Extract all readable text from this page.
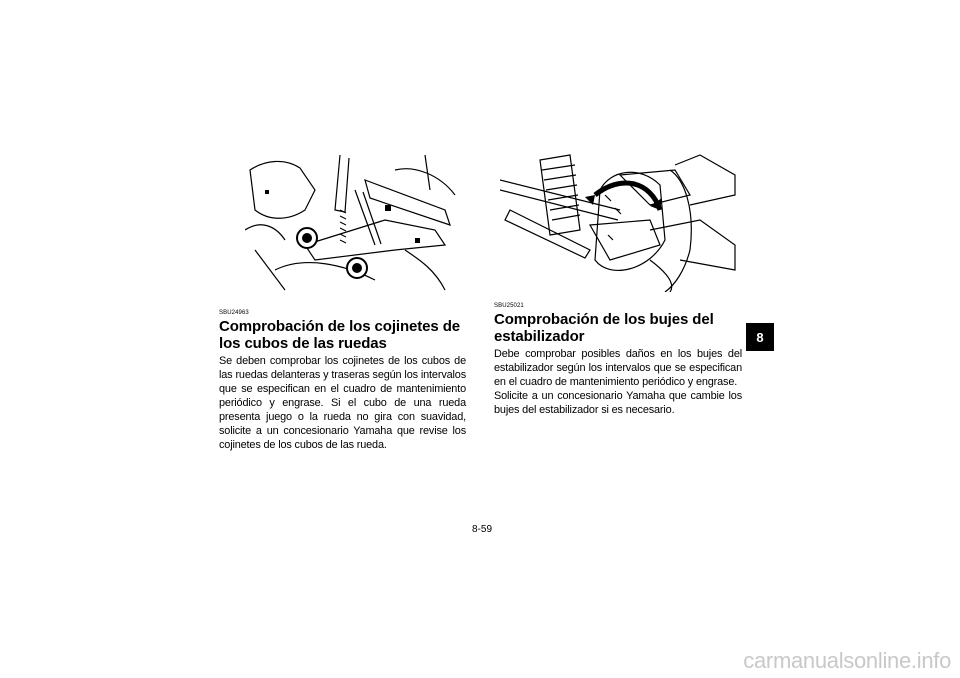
SBU24963
Comprobación de los cojinetes de los cubos de las ruedas

Se deben comprobar los cojinetes de los cubos de las ruedas delanteras y traseras según los intervalos que se especifican en el cuadro de mantenimiento periódico y engrase. Si el cubo de una rueda presenta juego o la rueda no gira con suavidad, solicite a un concesionario Yamaha que revise los cojinetes de los cubos de las rueda.

SBU25021
Comprobación de los bujes del estabilizador

Debe comprobar posibles daños en los bujes del estabilizador según los intervalos que se especifican en el cuadro de mantenimiento periódico y engrase.
Solicite a un concesionario Yamaha que cambie los bujes del estabilizador si es necesario.

8
8-59
carmanualsonline.info
